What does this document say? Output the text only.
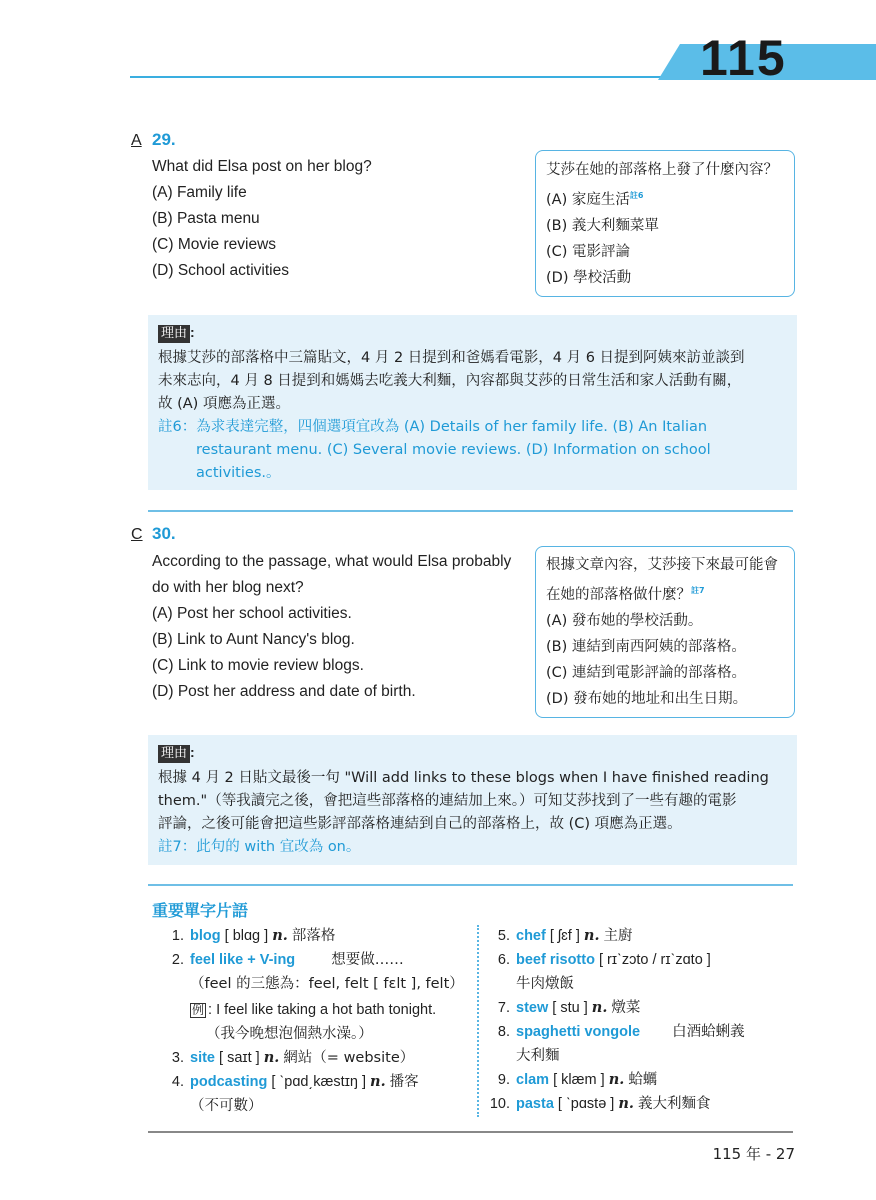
115
A 29.
What did Elsa post on her blog?
(A) Family life
(B) Pasta menu
(C) Movie reviews
(D) School activities
艾莎在她的部落格上發了什麼內容？
(A) 家庭生活$^{註6}$
(B) 義大利麵菜單
(C) 電影評論
(D) 學校活動
理由 :
根據艾莎的部落格中三篇貼文，4 月 2 日提到和爸媽看電影，4 月 6 日提到阿姨來訪並談到
未來志向，4 月 8 日提到和媽媽去吃義大利麵，內容都與艾莎的日常生活和家人活動有關，
故 (A) 項應為正選。
註6：為求表達完整，四個選項宜改為 (A) Details of her family life. (B) An Italian
restaurant menu. (C) Several movie reviews. (D) Information on school
activities.。
C 30.
According to the passage, what would Elsa probably
do with her blog next?
(A) Post her school activities.
(B) Link to Aunt Nancy's blog.
(C) Link to movie review blogs.
(D) Post her address and date of birth.
根據文章內容，艾莎接下來最可能會
在她的部落格做什麼？$^{註7}$
(A) 發布她的學校活動。
(B) 連結到南西阿姨的部落格。
(C) 連結到電影評論的部落格。
(D) 發布她的地址和出生日期。
理由 :
根據 4 月 2 日貼文最後一句 "Will add links to these blogs when I have finished reading
them."（等我讀完之後，會把這些部落格的連結加上來。）可知艾莎找到了一些有趣的電影
評論，之後可能會把這些影評部落格連結到自己的部落格上，故 (C) 項應為正選。
註7：此句的 with 宜改為 on。
重要單字片語
1. blog [ blɑg ] n. 部落格
2. feel like + V-ing 想要做……
（feel 的三態為：feel, felt [ fɛlt ], felt）
例 : I feel like taking a hot bath tonight.
（我今晚想泡個熱水澡。）
3. site [ saɪt ] n. 網站（= website）
4. podcasting [ ˋpɑd͵kæstɪŋ ] n. 播客
（不可數）
5. chef [ ʃɛf ] n. 主廚
6. beef risotto [ rɪˋzɔto / rɪˋzɑto ]
牛肉燉飯
7. stew [ stu ] n. 燉菜
8. spaghetti vongole 白酒蛤蜊義
大利麵
9. clam [ klæm ] n. 蛤蠣
10. pasta [ ˋpɑstə ] n. 義大利麵食
115 年 - 27
